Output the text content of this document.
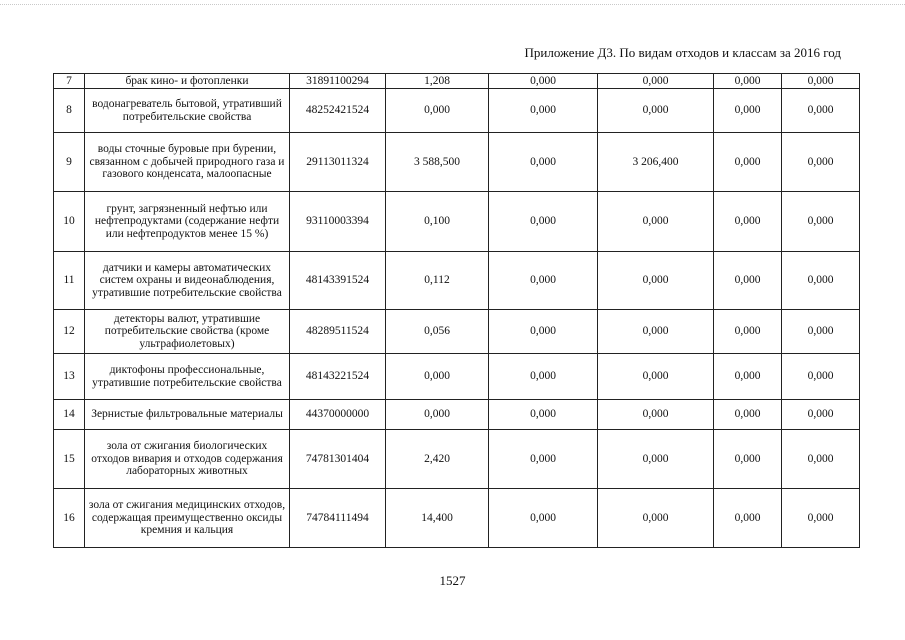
Приложение Д3. По видам отходов и классам за 2016 год
7	брак кино- и фотопленки	31891100294	1,208	0,000	0,000	0,000	0,000
8	водонагреватель бытовой, утративший потребительские свойства	48252421524	0,000	0,000	0,000	0,000	0,000
9	воды сточные буровые при бурении, связанном с добычей природного газа и газового конденсата, малоопасные	29113011324	3 588,500	0,000	3 206,400	0,000	0,000
10	грунт, загрязненный нефтью или нефтепродуктами (содержание нефти или нефтепродуктов менее 15 %)	93110003394	0,100	0,000	0,000	0,000	0,000
11	датчики и камеры автоматических систем охраны и видеонаблюдения, утратившие потребительские свойства	48143391524	0,112	0,000	0,000	0,000	0,000
12	детекторы валют, утратившие потребительские свойства (кроме ультрафиолетовых)	48289511524	0,056	0,000	0,000	0,000	0,000
13	диктофоны профессиональные, утратившие потребительские свойства	48143221524	0,000	0,000	0,000	0,000	0,000
14	Зернистые фильтровальные материалы	44370000000	0,000	0,000	0,000	0,000	0,000
15	зола от сжигания биологических отходов вивария и отходов содержания лабораторных животных	74781301404	2,420	0,000	0,000	0,000	0,000
16	зола от сжигания медицинских отходов, содержащая преимущественно оксиды кремния и кальция	74784111494	14,400	0,000	0,000	0,000	0,000
1527
